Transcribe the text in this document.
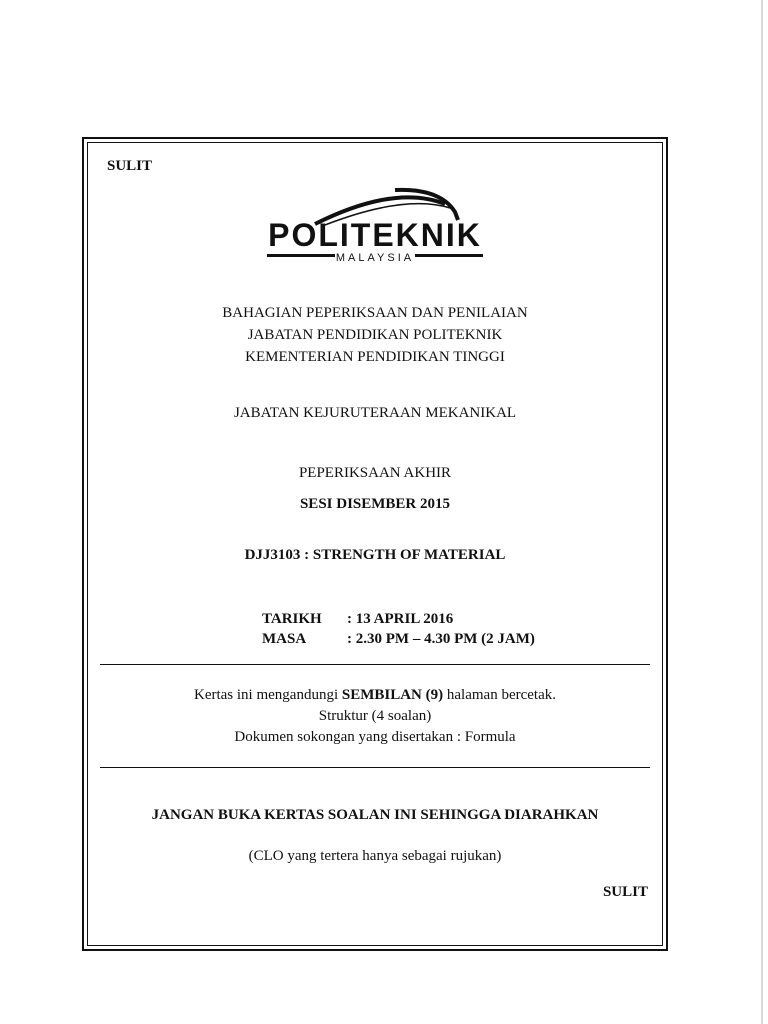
SULIT
POLITEKNIK
MALAYSIA
BAHAGIAN PEPERIKSAAN DAN PENILAIAN
JABATAN PENDIDIKAN POLITEKNIK
KEMENTERIAN PENDIDIKAN TINGGI
JABATAN KEJURUTERAAN MEKANIKAL
PEPERIKSAAN AKHIR
SESI DISEMBER 2015
DJJ3103 : STRENGTH OF MATERIAL
TARIKH	: 13 APRIL 2016
MASA	: 2.30 PM – 4.30 PM (2 JAM)
Kertas ini mengandungi SEMBILAN (9) halaman bercetak.
Struktur (4 soalan)
Dokumen sokongan yang disertakan : Formula
JANGAN BUKA KERTAS SOALAN INI SEHINGGA DIARAHKAN
(CLO yang tertera hanya sebagai rujukan)
SULIT
